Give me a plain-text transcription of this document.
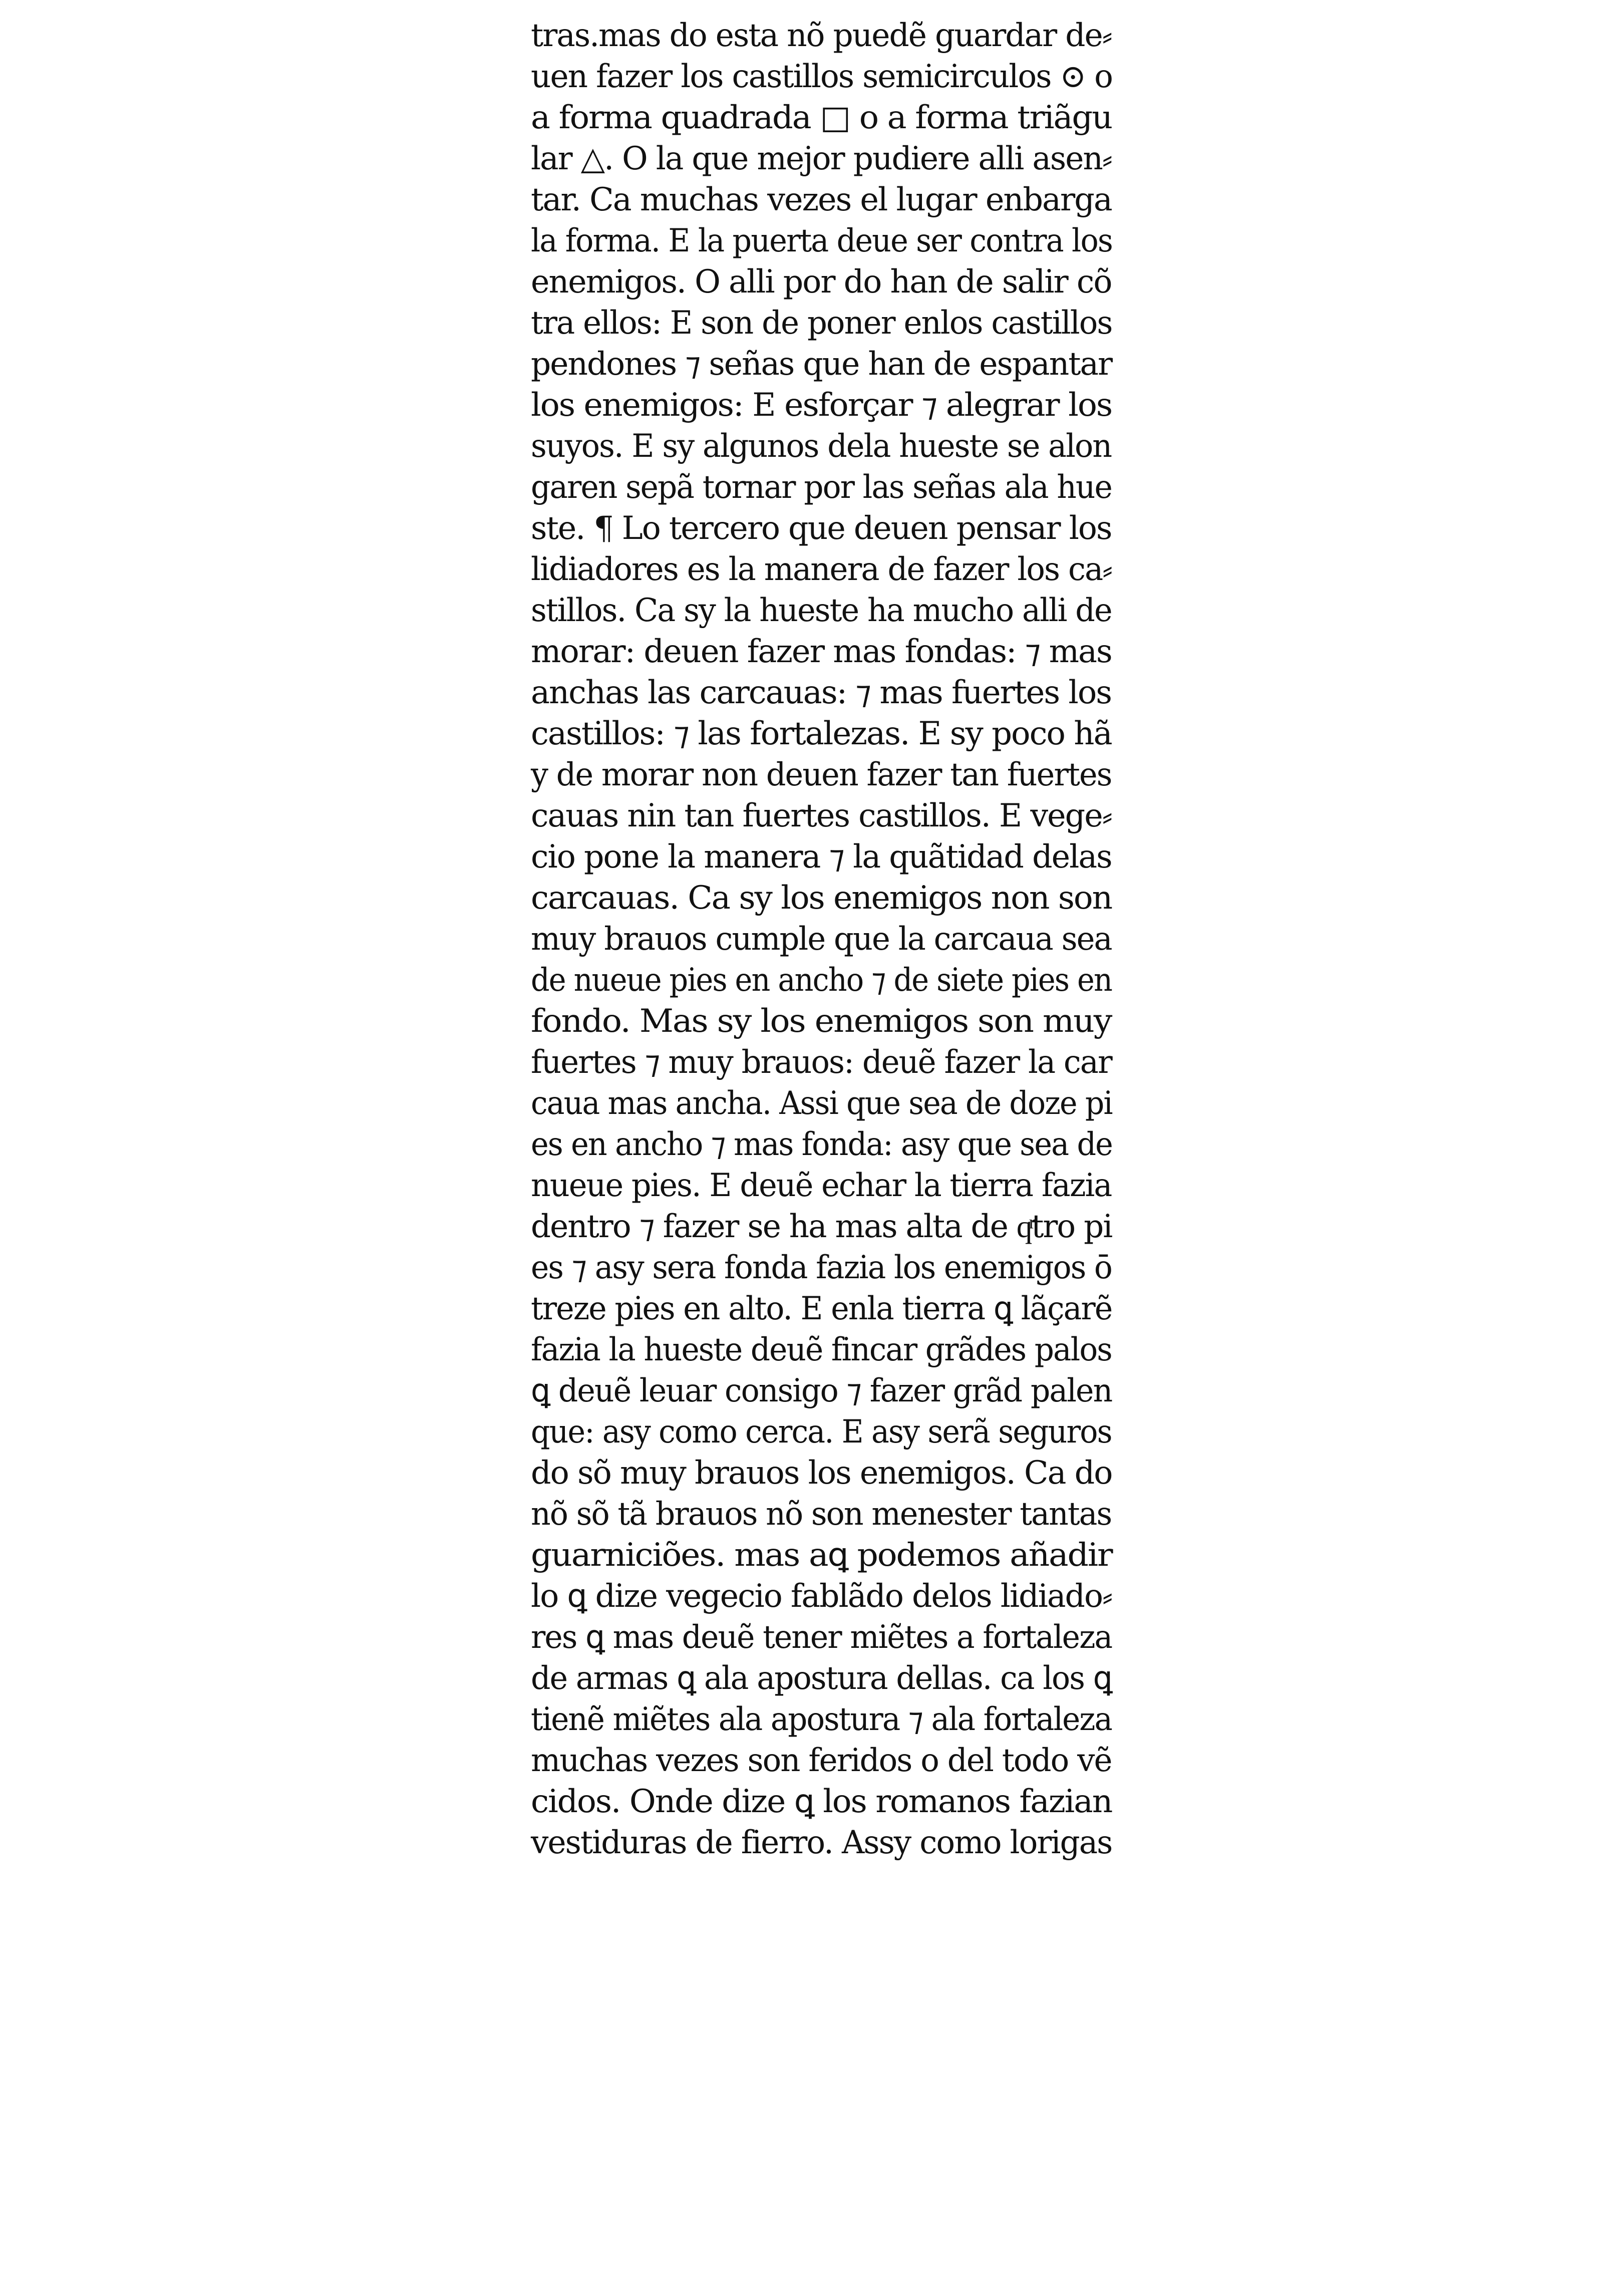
tras.mas do esta nõ puedẽ guardar de⸗
uen fazer los castillos semicirculos ⊙ o
a forma quadrada □ o a forma triãgu
lar △. O la que mejor pudiere alli asen⸗
tar. Ca muchas vezes el lugar enbarga
la forma. E la puerta deue ser contra los
enemigos. O alli por do han de salir cõ
tra ellos: E son de poner enlos castillos
pendones ⁊ señas que han de espantar
los enemigos: E esforçar ⁊ alegrar los
suyos. E sy algunos dela hueste se alon
garen sepã tornar por las señas ala hue
ste. ¶ Lo tercero que deuen pensar los
lidiadores es la manera de fazer los ca⸗
stillos. Ca sy la hueste ha mucho alli de
morar: deuen fazer mas fondas: ⁊ mas
anchas las carcauas: ⁊ mas fuertes los
castillos: ⁊ las fortalezas. E sy poco hã
y de morar non deuen fazer tan fuertes
cauas nin tan fuertes castillos. E vege⸗
cio pone la manera ⁊ la quãtidad delas
carcauas. Ca sy los enemigos non son
muy brauos cumple que la carcaua sea
de nueue pies en ancho ⁊ de siete pies en
fondo. Mas sy los enemigos son muy
fuertes ⁊ muy brauos: deuẽ fazer la car
caua mas ancha. Assi que sea de doze pi
es en ancho ⁊ mas fonda: asy que sea de
nueue pies. E deuẽ echar la tierra fazia
dentro ⁊ fazer se ha mas alta de qͬtro pi
es ⁊ asy sera fonda fazia los enemigos ō
treze pies en alto. E enla tierra ꝗ lãçarẽ
fazia la hueste deuẽ fincar grãdes palos
ꝗ deuẽ leuar consigo ⁊ fazer grãd palen
que: asy como cerca. E asy serã seguros
do sõ muy brauos los enemigos. Ca do
nõ sõ tã brauos nõ son menester tantas
guarniciões. mas aꝗ podemos añadir
lo ꝗ dize vegecio fablãdo delos lidiado⸗
res ꝗ mas deuẽ tener miẽtes a fortaleza
de armas ꝗ ala apostura dellas. ca los ꝗ
tienẽ miẽtes ala apostura ⁊ ala fortaleza
muchas vezes son feridos o del todo vẽ
cidos. Onde dize ꝗ los romanos fazian
vestiduras de fierro. Assy como lorigas
